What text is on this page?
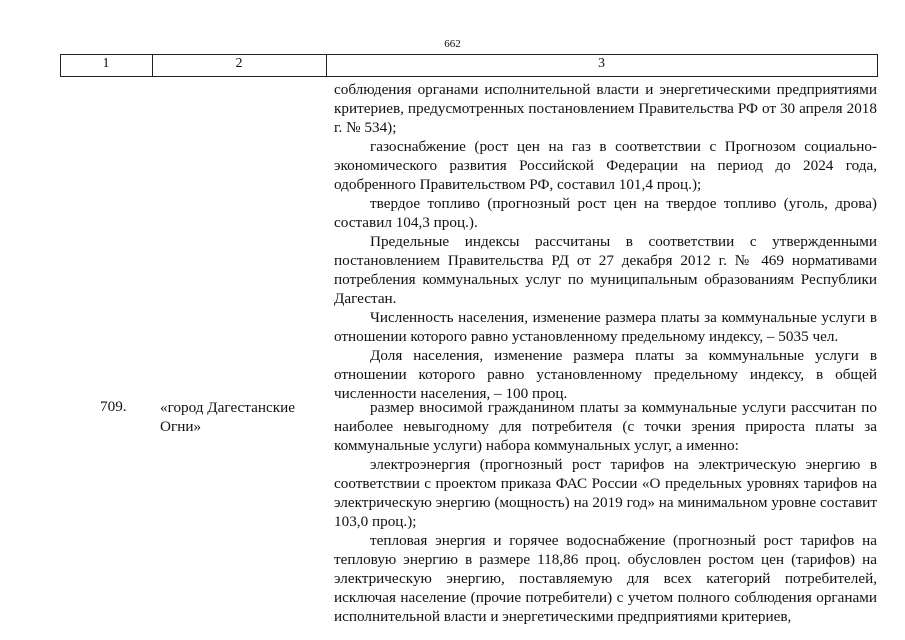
662
1	2	3

соблюдения органами исполнительной власти и энергетическими предприятиями критериев, предусмотренных постановлением Правительства РФ от 30 апреля 2018 г. № 534);

газоснабжение (рост цен на газ в соответствии с Прогнозом социально-экономического развития Российской Федерации на период до 2024 года, одобренного Правительством РФ, составил 101,4 проц.);

твердое топливо (прогнозный рост цен на твердое топливо (уголь, дрова) составил 104,3 проц.).

Предельные индексы рассчитаны в соответствии с утвержденными постановлением Правительства РД от 27 декабря 2012 г. № 469 нормативами потребления коммунальных услуг по муниципальным образованиям Республики Дагестан.

Численность населения, изменение размера платы за коммунальные услуги в отношении которого равно установленному предельному индексу, – 5035 чел.

Доля населения, изменение размера платы за коммунальные услуги в отношении которого равно установленному предельному индексу, в общей численности населения, – 100 проц.

709. «город Дагестанские Огни»

размер вносимой гражданином платы за коммунальные услуги рассчитан по наиболее невыгодному для потребителя (с точки зрения прироста платы за коммунальные услуги) набора коммунальных услуг, а именно:

электроэнергия (прогнозный рост тарифов на электрическую энергию в соответствии с проектом приказа ФАС России «О предельных уровнях тарифов на электрическую энергию (мощность) на 2019 год» на минимальном уровне составит 103,0 проц.);

тепловая энергия и горячее водоснабжение (прогнозный рост тарифов на тепловую энергию в размере 118,86 проц. обусловлен ростом цен (тарифов) на электрическую энергию, поставляемую для всех категорий потребителей, исключая население (прочие потребители) с учетом полного соблюдения органами исполнительной власти и энергетическими предприятиями критериев,
